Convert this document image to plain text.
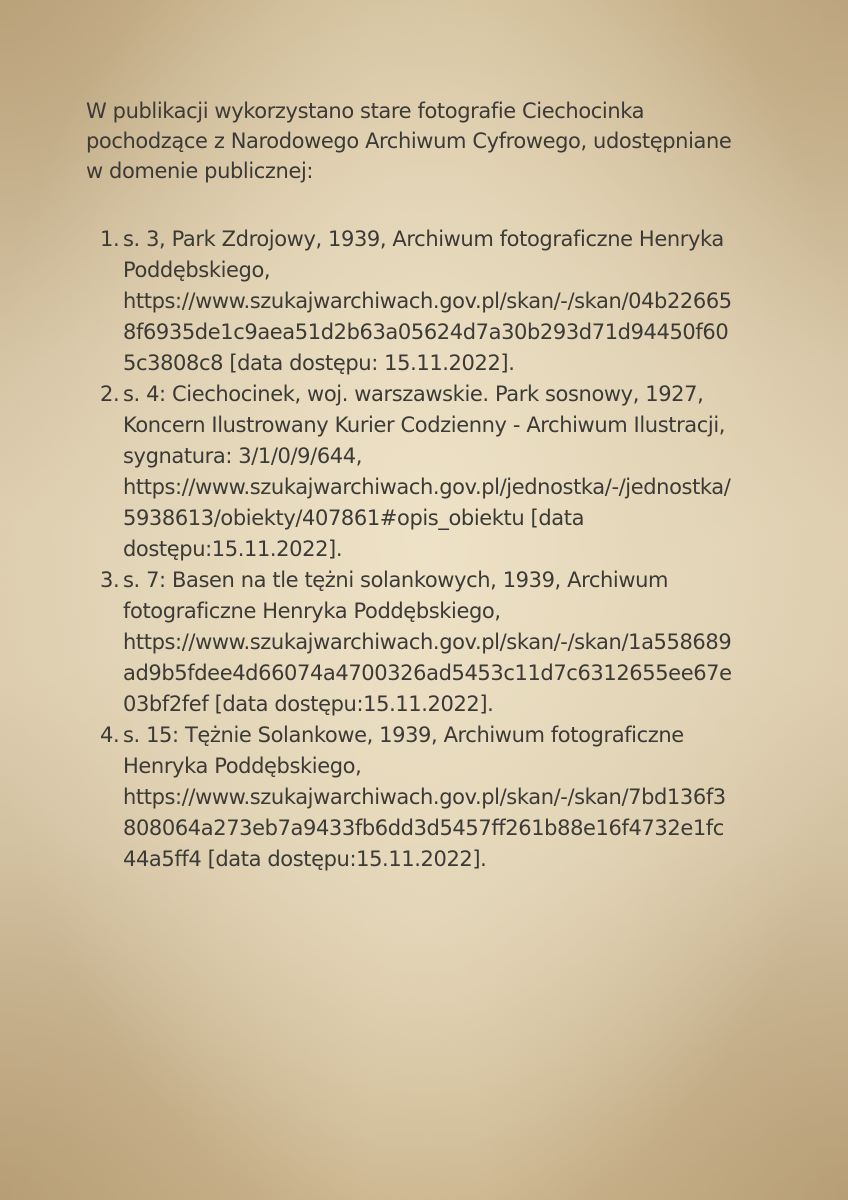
W publikacji wykorzystano stare fotografie Ciechocinka
pochodzące z Narodowego Archiwum Cyfrowego, udostępniane
w domenie publicznej:

1. s. 3, Park Zdrojowy, 1939, Archiwum fotograficzne Henryka
Poddębskiego,
https://www.szukajwarchiwach.gov.pl/skan/-/skan/04b22665
8f6935de1c9aea51d2b63a05624d7a30b293d71d94450f60
5c3808c8 [data dostępu: 15.11.2022].
2. s. 4: Ciechocinek, woj. warszawskie. Park sosnowy, 1927,
Koncern Ilustrowany Kurier Codzienny - Archiwum Ilustracji,
sygnatura: 3/1/0/9/644,
https://www.szukajwarchiwach.gov.pl/jednostka/-/jednostka/
5938613/obiekty/407861#opis_obiektu [data
dostępu:15.11.2022].
3. s. 7: Basen na tle tężni solankowych, 1939, Archiwum
fotograficzne Henryka Poddębskiego,
https://www.szukajwarchiwach.gov.pl/skan/-/skan/1a558689
ad9b5fdee4d66074a4700326ad5453c11d7c6312655ee67e
03bf2fef [data dostępu:15.11.2022].
4. s. 15: Tężnie Solankowe, 1939, Archiwum fotograficzne
Henryka Poddębskiego,
https://www.szukajwarchiwach.gov.pl/skan/-/skan/7bd136f3
808064a273eb7a9433fb6dd3d5457ff261b88e16f4732e1fc
44a5ff4 [data dostępu:15.11.2022].
